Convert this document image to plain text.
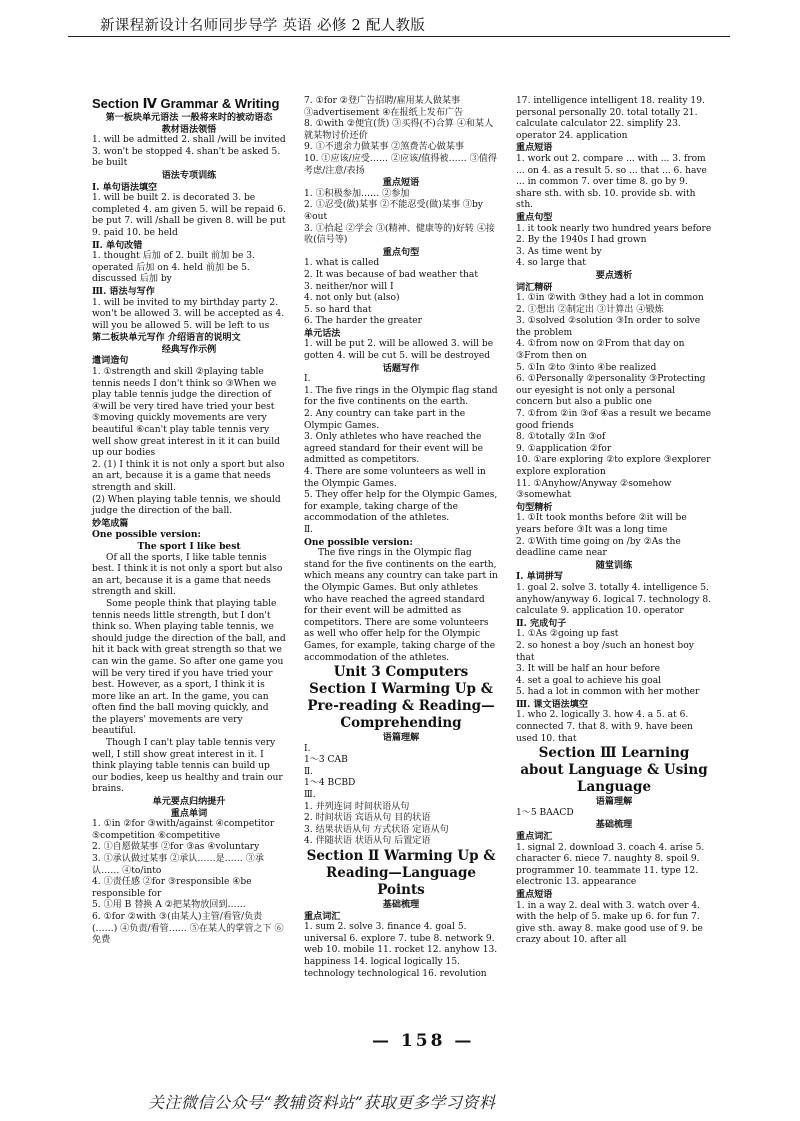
新课程新设计名师同步导学 英语 必修 2 配人教版

Section Ⅳ Grammar & Writing

第一板块单元语法 一般将来时的被动语态

教材语法领悟

1. will be admitted 2. shall /will be invited 3. won't be stopped 4. shan't be asked 5. be built

语法专项训练

Ⅰ. 单句语法填空

1. will be built 2. is decorated 3. be completed 4. am given 5. will be repaid 6. be put 7. will /shall be given 8. will be put 9. paid 10. be held

Ⅱ. 单句改错

1. thought 后加 of 2. built 前加 be 3. operated 后加 on 4. held 前加 be 5. discussed 后加 by

Ⅲ. 语法与写作

1. will be invited to my birthday party 2. won't be allowed 3. will be accepted as 4. will you be allowed 5. will be left to us

第二板块单元写作 介绍语言的说明文

经典写作示例

遣词造句

1. ①strength and skill ②playing table tennis needs I don't think so ③When we play table tennis judge the direction of ④will be very tired have tried your best ⑤moving quickly movements are very beautiful ⑥can't play table tennis very well show great interest in it it can build up our bodies

2. (1) I think it is not only a sport but also an art, because it is a game that needs strength and skill.

(2) When playing table tennis, we should judge the direction of the ball.

妙笔成篇

One possible version:

The sport I like best

Of all the sports, I like table tennis best. I think it is not only a sport but also an art, because it is a game that needs strength and skill.

Some people think that playing table tennis needs little strength, but I don't think so. When playing table tennis, we should judge the direction of the ball, and hit it back with great strength so that we can win the game. So after one game you will be very tired if you have tried your best. However, as a sport, I think it is more like an art. In the game, you can often find the ball moving quickly, and the players' movements are very beautiful.

Though I can't play table tennis very well, I still show great interest in it. I think playing table tennis can build up our bodies, keep us healthy and train our brains.

单元要点归纳提升

重点单词

1. ①in ②for ③with/against ④competitor ⑤competition ⑥competitive

2. ①自愿做某事 ②for ③as ④voluntary

3. ①承认做过某事 ②承认……是…… ③承认…… ④to/into

4. ①责任感 ②for ③responsible ④be responsible for

5. ①用 B 替换 A ②把某物放回到……

6. ①for ②with ③(由某人)主管/看管/负责(……) ④负责/看管…… ⑤在某人的掌管之下 ⑥免费

7. ①for ②登广告招聘/雇用某人做某事 ③advertisement ④在报纸上发布广告

8. ①with ②便宜(货) ③买得(不)合算 ④和某人就某物讨价还价

9. ①不遗余力做某事 ②煞费苦心做某事

10. ①应该/应受…… ②应该/值得被…… ③值得考虑/注意/表扬

重点短语

1. ①积极参加…… ②参加

2. ①忍受(做)某事 ②不能忍受(做)某事 ③by ④out

3. ①拾起 ②学会 ③(精神、健康等的)好转 ④接收(信号等)

重点句型

1. what is called

2. It was because of bad weather that

3. neither/nor will I

4. not only but (also)

5. so hard that

6. The harder the greater

单元话法

1. will be put 2. will be allowed 3. will be gotten 4. will be cut 5. will be destroyed

话题写作

Ⅰ.

1. The five rings in the Olympic flag stand for the five continents on the earth.

2. Any country can take part in the Olympic Games.

3. Only athletes who have reached the agreed standard for their event will be admitted as competitors.

4. There are some volunteers as well in the Olympic Games.

5. They offer help for the Olympic Games, for example, taking charge of the accommodation of the athletes.

Ⅱ.

One possible version:

The five rings in the Olympic flag stand for the five continents on the earth, which means any country can take part in the Olympic Games. But only athletes who have reached the agreed standard for their event will be admitted as competitors. There are some volunteers as well who offer help for the Olympic Games, for example, taking charge of the accommodation of the athletes.

Unit 3 Computers

Section Ⅰ Warming Up & Pre-reading & Reading—Comprehending

语篇理解

Ⅰ.

1～3 CAB

Ⅱ.

1～4 BCBD

Ⅲ.

1. 并列连词 时间状语从句

2. 时间状语 宾语从句 目的状语

3. 结果状语从句 方式状语 定语从句

4. 伴随状语 状语从句 后置定语

Section Ⅱ Warming Up & Reading—Language Points

基础梳理

重点词汇

1. sum 2. solve 3. finance 4. goal 5. universal 6. explore 7. tube 8. network 9. web 10. mobile 11. rocket 12. anyhow 13. happiness 14. logical logically 15. technology technological 16. revolution

17. intelligence intelligent 18. reality 19. personal personally 20. total totally 21. calculate calculator 22. simplify 23. operator 24. application

重点短语

1. work out 2. compare ... with ... 3. from ... on 4. as a result 5. so ... that ... 6. have ... in common 7. over time 8. go by 9. share sth. with sb. 10. provide sb. with sth.

重点句型

1. it took nearly two hundred years before

2. By the 1940s I had grown

3. As time went by

4. so large that

要点透析

词汇精研

1. ①in ②with ③they had a lot in common

2. ①想出 ②制定出 ③计算出 ④锻炼

3. ①solved ②solution ③In order to solve the problem

4. ①from now on ②From that day on ③From then on

5. ①In ②to ③into ④be realized

6. ①Personally ②personality ③Protecting our eyesight is not only a personal concern but also a public one

7. ①from ②in ③of ④as a result we became good friends

8. ①totally ②In ③of

9. ①application ②for

10. ①are exploring ②to explore ③explorer explore exploration

11. ①Anyhow/Anyway ②somehow ③somewhat

句型精析

1. ①It took months before ②it will be years before ③It was a long time

2. ①With time going on /by ②As the deadline came near

随堂训练

Ⅰ. 单词拼写

1. goal 2. solve 3. totally 4. intelligence 5. anyhow/anyway 6. logical 7. technology 8. calculate 9. application 10. operator

Ⅱ. 完成句子

1. ①As ②going up fast

2. so honest a boy /such an honest boy that

3. It will be half an hour before

4. set a goal to achieve his goal

5. had a lot in common with her mother

Ⅲ. 课文语法填空

1. who 2. logically 3. how 4. a 5. at 6. connected 7. that 8. with 9. have been used 10. that

Section Ⅲ Learning about Language & Using Language

语篇理解

1～5 BAACD

基础梳理

重点词汇

1. signal 2. download 3. coach 4. arise 5. character 6. niece 7. naughty 8. spoil 9. programmer 10. teammate 11. type 12. electronic 13. appearance

重点短语

1. in a way 2. deal with 3. watch over 4. with the help of 5. make up 6. for fun 7. give sth. away 8. make good use of 9. be crazy about 10. after all

— 158 —
关注微信公众号“教辅资料站”获取更多学习资料
